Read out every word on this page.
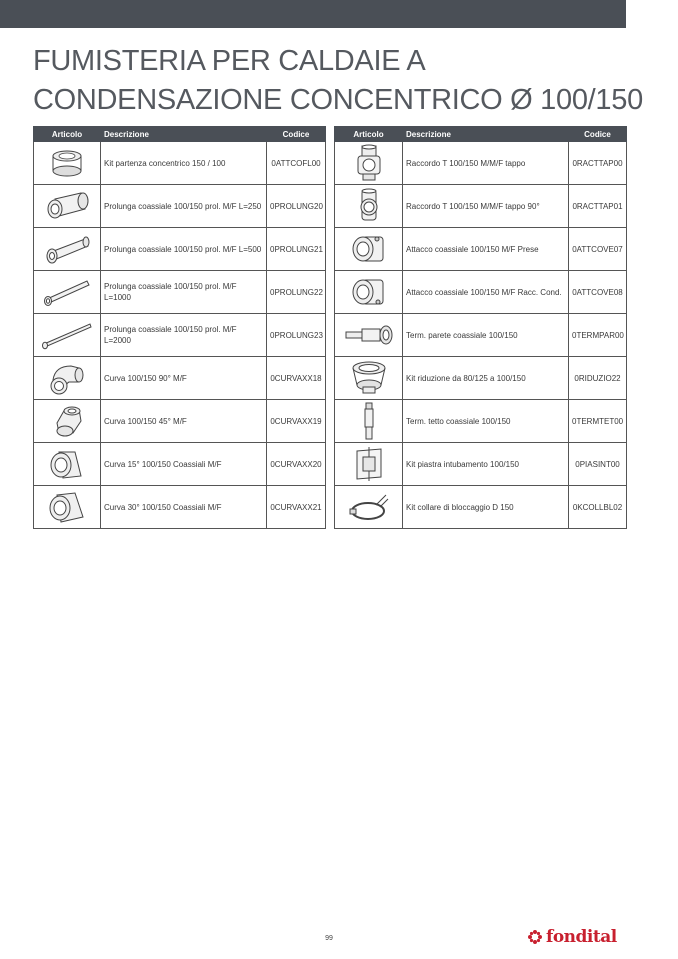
FUMISTERIA PER CALDAIE A
CONDENSAZIONE CONCENTRICO Ø 100/150
Articolo	Descrizione	Codice

	Kit partenza concentrico 150 / 100	0ATTCOFL00

	Prolunga coassiale 100/150 prol. M/F L=250	0PROLUNG20

	Prolunga coassiale 100/150 prol. M/F L=500	0PROLUNG21

	Prolunga coassiale 100/150 prol. M/F L=1000	0PROLUNG22

	Prolunga coassiale 100/150 prol. M/F L=2000	0PROLUNG23

	Curva 100/150 90° M/F	0CURVAXX18

	Curva 100/150 45° M/F	0CURVAXX19

	Curva 15° 100/150 Coassiali M/F	0CURVAXX20

	Curva 30° 100/150 Coassiali M/F	0CURVAXX21
Articolo	Descrizione	Codice

	Raccordo T 100/150 M/M/F tappo	0RACTTAP00

	Raccordo T 100/150 M/M/F tappo 90°	0RACTTAP01

	Attacco coassiale 100/150 M/F Prese	0ATTCOVE07

	Attacco coassiale 100/150 M/F Racc. Cond.	0ATTCOVE08

	Term. parete coassiale 100/150	0TERMPAR00

	Kit riduzione da 80/125 a 100/150	0RIDUZIO22

	Term. tetto coassiale 100/150	0TERMTET00

	Kit piastra intubamento 100/150	0PIASINT00

	Kit collare di bloccaggio D 150	0KCOLLBL02
99	fondital
